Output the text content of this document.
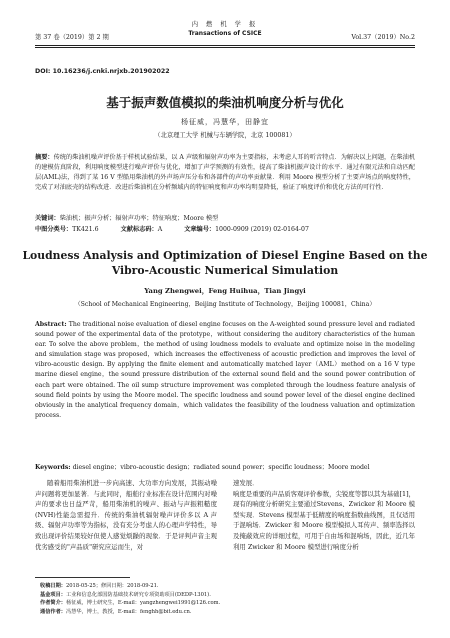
内 燃 机 学 报
Transactions of CSICE
第 37 卷（2019）第 2 期	Vol.37（2019）No.2
DOI: 10.16236/j.cnki.nrjxb.201902022
基于振声数值模拟的柴油机响度分析与优化
杨征威，冯慧华，田静宜
（北京理工大学 机械与车辆学院，北京 100081）
摘要：传统的柴油机噪声评价基于样机试验结果，以 A 声级和辐射声功率为主要指标，未考虑人耳的听音特点．为解决以上问题，在柴油机的建模仿真阶段，利用响度模型进行噪声评价与优化，增加了声学预测的有效性，提高了柴油机振声设计的水平．通过有限元法和自动匹配层(AML)法，得到了某 16 V 型船用柴油机的外声场声压分布和各部件的声功率贡献量．利用 Moore 模型分析了主要声场点的响度特性，完成了对油底壳的结构改进．改进后柴油机在分析频域内的特征响度和声功率均明显降低，验证了响度评价和优化方法的可行性．
关键词：柴油机；振声分析；辐射声功率；特征响度；Moore 模型
中图分类号：TK421.6	文献标志码：A	文章编号：1000-0909 (2019) 02-0164-07
Loudness Analysis and Optimization of Diesel Engine Based on the
Vibro-Acoustic Numerical Simulation
Yang Zhengwei，Feng Huihua，Tian Jingyi
（School of Mechanical Engineering，Beijing Institute of Technology，Beijing 100081，China）
Abstract: The traditional noise evaluation of diesel engine focuses on the A-weighted sound pressure level and radiated sound power of the experimental data of the prototype，without considering the auditory characteristics of the human ear. To solve the above problem，the method of using loudness models to evaluate and optimize noise in the modeling and simulation stage was proposed，which increases the effectiveness of acoustic prediction and improves the level of vibro-acoustic design. By applying the finite element and automatically matched layer（AML）method on a 16 V type marine diesel engine，the sound pressure distribution of the external sound field and the sound power contribution of each part were obtained. The oil sump structure improvement was completed through the loudness feature analysis of sound field points by using the Moore model. The specific loudness and sound power level of the diesel engine declined obviously in the analytical frequency domain，which validates the feasibility of the loudness valuation and optimization process.
Keywords: diesel engine；vibro-acoustic design；radiated sound power；specific loudness；Moore model
随着船用柴油机进一步向高速、大功率方向发展，其振动噪声问题将更加显著．与此同时，船舶行业标准在设计范围内对噪声的要求也日益严苛，船用柴油机的噪声、振动与声振粗糙度(NVH)性能急需提升．传统的柴油机辐射噪声评价多以 A 声级、辐射声功率等为指标，没有充分考虑人的心理声学特性，导致出现评价结果较好但使人感觉烦躁的现象．于是评判声音主观优劣感受的"声品质"研究应运而生，对
速发展．
响度是重要的声品质客观评价参数，尖锐度等都以其为基础[1]，现有的响度分析研究主要通过Stevens、Zwicker 和 Moore 模型实现．Stevens 模型基于低精度的响度指数曲线图，且仅适用于混响场．Zwicker 和 Moore 模型模拟人耳传声、频率选择以及掩蔽效应的详细过程，可用于自由场和混响场，因此，近几年利用 Zwicker 和 Moore 模型进行响度分析
收稿日期：2018-05-25；修回日期：2018-09-21.
基金项目：工业和信息化部国防基础技术研究专项资助项目(DEDP-1301).
作者简介：杨征威，博士研究生，E-mail：yangzhengwei1991@126.com.
通信作者：冯慧华，博士，教授，E-mail：fenghh@bit.edu.cn.
